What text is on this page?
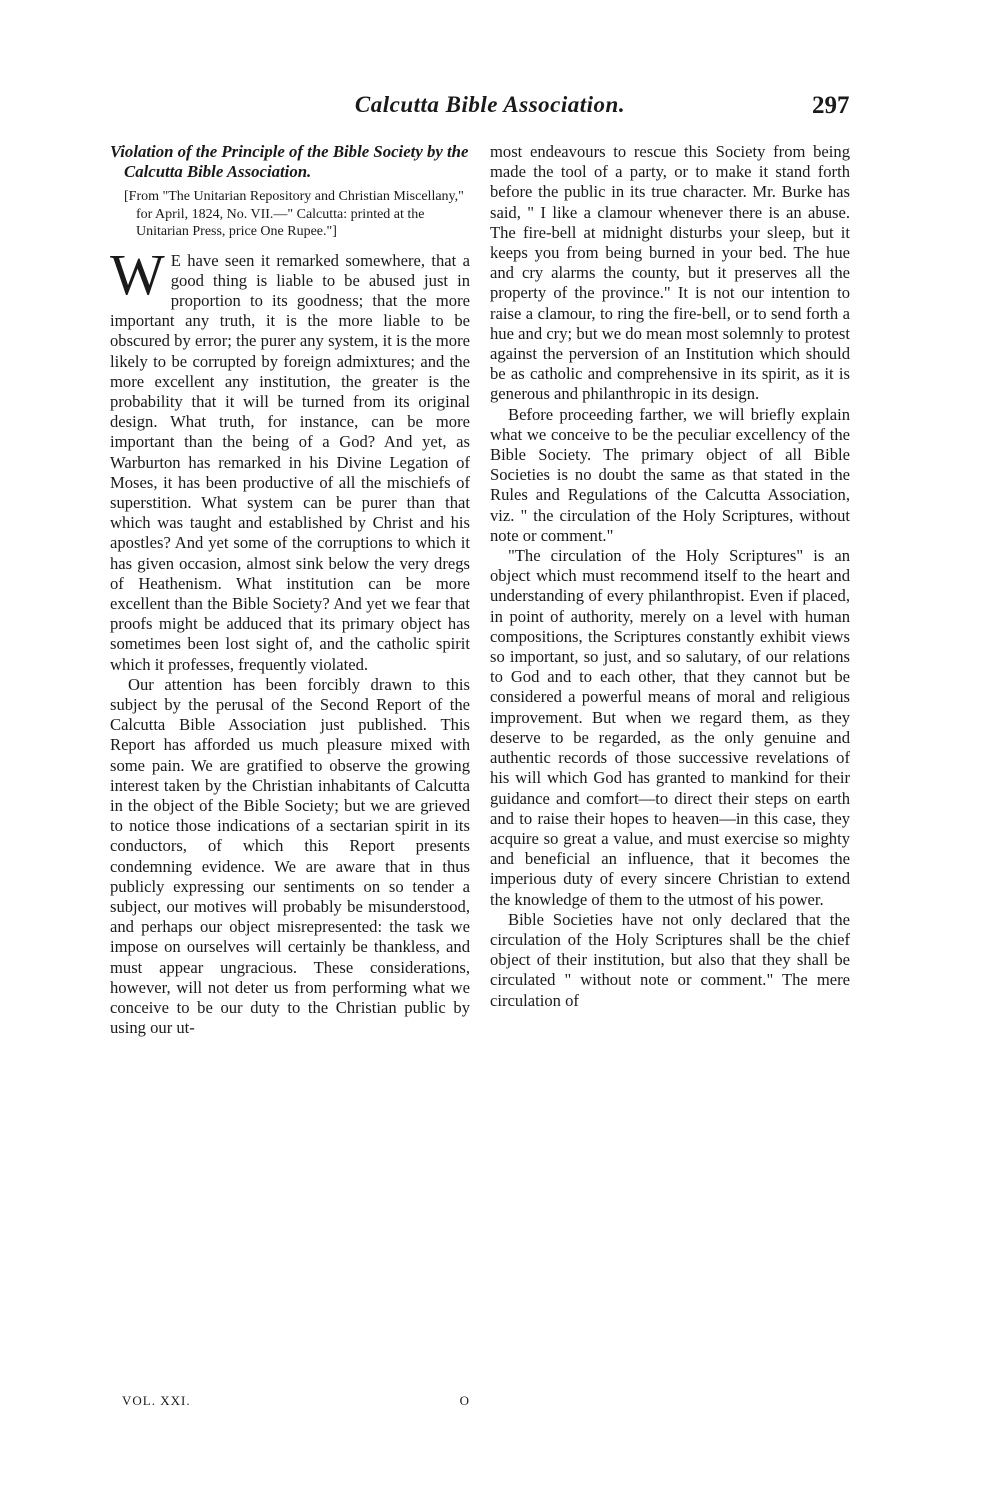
Calcutta Bible Association.	297
Violation of the Principle of the Bible Society by the Calcutta Bible Association.

[From "The Unitarian Repository and Christian Miscellany," for April, 1824, No. VII.—" Calcutta: printed at the Unitarian Press, price One Rupee."]

W E have seen it remarked somewhere, that a good thing is liable to be abused just in proportion to its goodness; that the more important any truth, it is the more liable to be obscured by error; the purer any system, it is the more likely to be corrupted by foreign admixtures; and the more excellent any institution, the greater is the probability that it will be turned from its original design. What truth, for instance, can be more important than the being of a God? And yet, as Warburton has remarked in his Divine Legation of Moses, it has been productive of all the mischiefs of superstition. What system can be purer than that which was taught and established by Christ and his apostles? And yet some of the corruptions to which it has given occasion, almost sink below the very dregs of Heathenism. What institution can be more excellent than the Bible Society? And yet we fear that proofs might be adduced that its primary object has sometimes been lost sight of, and the catholic spirit which it professes, frequently violated.

Our attention has been forcibly drawn to this subject by the perusal of the Second Report of the Calcutta Bible Association just published. This Report has afforded us much pleasure mixed with some pain. We are gratified to observe the growing interest taken by the Christian inhabitants of Calcutta in the object of the Bible Society; but we are grieved to notice those indications of a sectarian spirit in its conductors, of which this Report presents condemning evidence. We are aware that in thus publicly expressing our sentiments on so tender a subject, our motives will probably be misunderstood, and perhaps our object misrepresented: the task we impose on ourselves will certainly be thankless, and must appear ungracious. These considerations, however, will not deter us from performing what we conceive to be our duty to the Christian public by using our ut-

most endeavours to rescue this Society from being made the tool of a party, or to make it stand forth before the public in its true character. Mr. Burke has said, " I like a clamour whenever there is an abuse. The fire-bell at midnight disturbs your sleep, but it keeps you from being burned in your bed. The hue and cry alarms the county, but it preserves all the property of the province." It is not our intention to raise a clamour, to ring the fire-bell, or to send forth a hue and cry; but we do mean most solemnly to protest against the perversion of an Institution which should be as catholic and comprehensive in its spirit, as it is generous and philanthropic in its design.

Before proceeding farther, we will briefly explain what we conceive to be the peculiar excellency of the Bible Society. The primary object of all Bible Societies is no doubt the same as that stated in the Rules and Regulations of the Calcutta Association, viz. " the circulation of the Holy Scriptures, without note or comment."

"The circulation of the Holy Scriptures" is an object which must recommend itself to the heart and understanding of every philanthropist. Even if placed, in point of authority, merely on a level with human compositions, the Scriptures constantly exhibit views so important, so just, and so salutary, of our relations to God and to each other, that they cannot but be considered a powerful means of moral and religious improvement. But when we regard them, as they deserve to be regarded, as the only genuine and authentic records of those successive revelations of his will which God has granted to mankind for their guidance and comfort—to direct their steps on earth and to raise their hopes to heaven—in this case, they acquire so great a value, and must exercise so mighty and beneficial an influence, that it becomes the imperious duty of every sincere Christian to extend the knowledge of them to the utmost of his power.

Bible Societies have not only declared that the circulation of the Holy Scriptures shall be the chief object of their institution, but also that they shall be circulated " without note or comment." The mere circulation of

VOL. XXI.	O
